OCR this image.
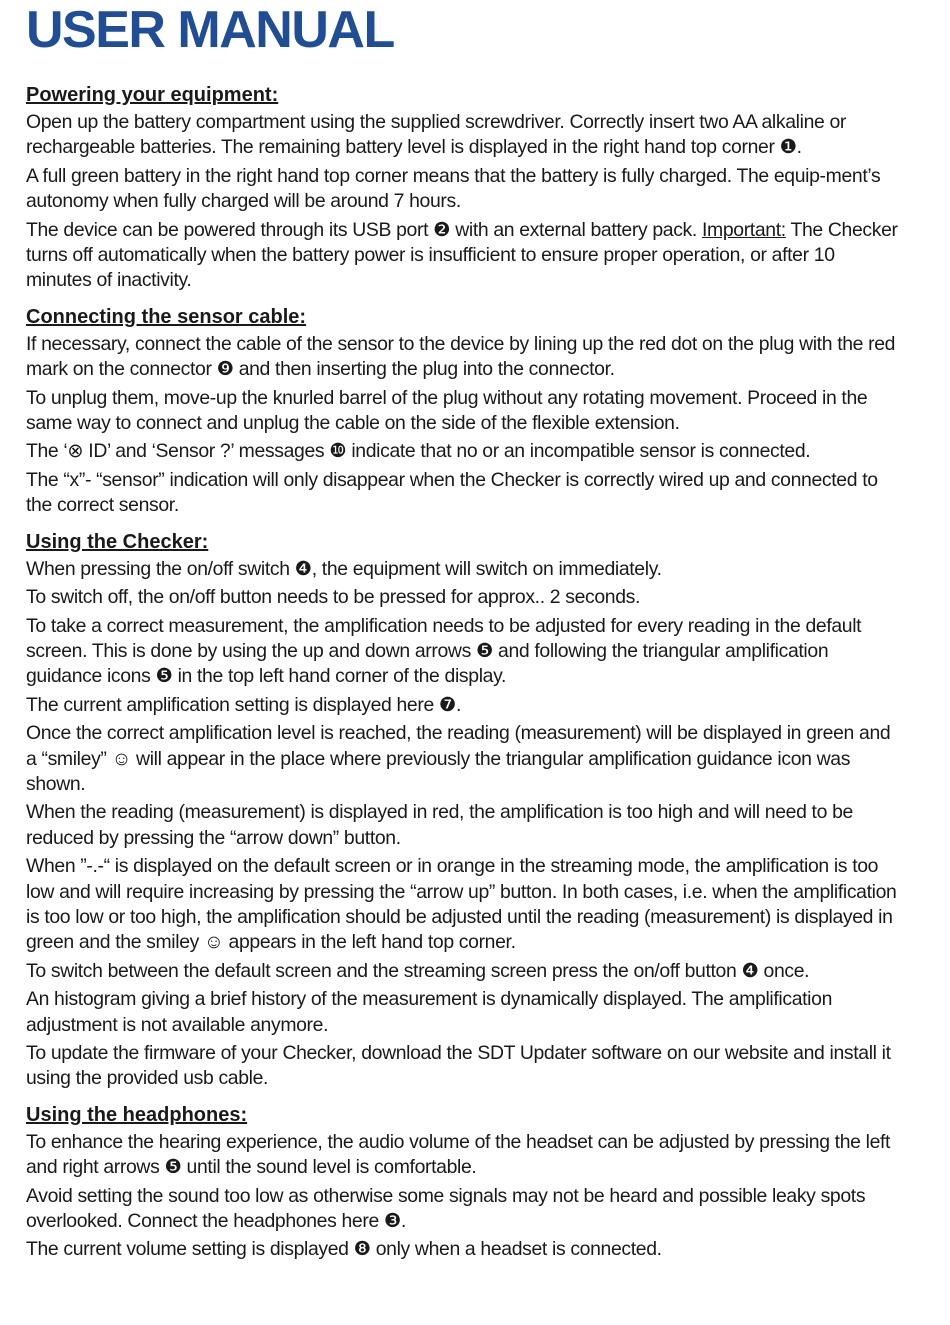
USER MANUAL
Powering your equipment:

Open up the battery compartment using the supplied screwdriver. Correctly insert two AA alkaline or rechargeable batteries. The remaining battery level is displayed in the right hand top corner ❶.

A full green battery in the right hand top corner means that the battery is fully charged. The equip-ment’s autonomy when fully charged will be around 7 hours.

The device can be powered through its USB port ❷ with an external battery pack. Important: The Checker turns off automatically when the battery power is insufficient to ensure proper operation, or after 10 minutes of inactivity.

Connecting the sensor cable:

If necessary, connect the cable of the sensor to the device by lining up the red dot on the plug with the red mark on the connector ❾ and then inserting the plug into the connector.

To unplug them, move-up the knurled barrel of the plug without any rotating movement. Proceed in the same way to connect and unplug the cable on the side of the flexible extension.

The ‘⊗ ID’ and ‘Sensor ?’ messages ❿ indicate that no or an incompatible sensor is connected.

The “x”- “sensor” indication will only disappear when the Checker is correctly wired up and connected to the correct sensor.

Using the Checker:

When pressing the on/off switch ❹, the equipment will switch on immediately.

To switch off, the on/off button needs to be pressed for approx.. 2 seconds.

To take a correct measurement, the amplification needs to be adjusted for every reading in the default screen. This is done by using the up and down arrows ❺ and following the triangular amplification guidance icons ❺ in the top left hand corner of the display.

The current amplification setting is displayed here ❼.

Once the correct amplification level is reached, the reading (measurement) will be displayed in green and a “smiley” ☺ will appear in the place where previously the triangular amplification guidance icon was shown.

When the reading (measurement) is displayed in red, the amplification is too high and will need to be reduced by pressing the “arrow down” button.

When ”-.-“ is displayed on the default screen or in orange in the streaming mode, the amplification is too low and will require increasing by pressing the “arrow up” button. In both cases, i.e. when the amplification is too low or too high, the amplification should be adjusted until the reading (measurement) is displayed in green and the smiley ☺ appears in the left hand top corner.

To switch between the default screen and the streaming screen press the on/off button ❹ once.

An histogram giving a brief history of the measurement is dynamically displayed. The amplification adjustment is not available anymore.

To update the firmware of your Checker, download the SDT Updater software on our website and install it using the provided usb cable.

Using the headphones:

To enhance the hearing experience, the audio volume of the headset can be adjusted by pressing the left and right arrows ❺ until the sound level is comfortable.

Avoid setting the sound too low as otherwise some signals may not be heard and possible leaky spots overlooked. Connect the headphones here ❸.

The current volume setting is displayed ❽ only when a headset is connected.
